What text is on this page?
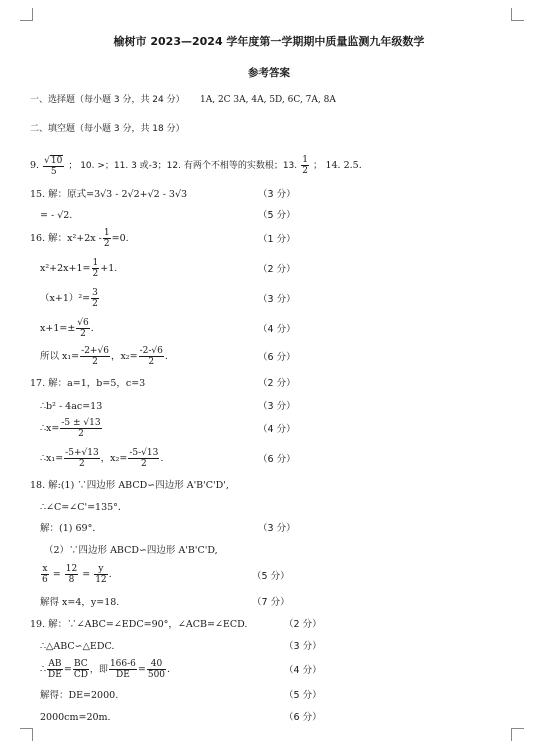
榆树市 2023—2024 学年度第一学期期中质量监测九年级数学
参考答案
一、选择题（每小题 3 分，共 24 分） 1A, 2C 3A, 4A, 5D, 6C, 7A, 8A
二、填空题（每小题 3 分，共 18 分）
9. $\frac{√10}{5}$ ； 10. >；11. 3 或-3；12. 有两个不相等的实数根；13. $\frac{1}{2}$ ； 14. 2.5.
15. 解：原式=3√3 - 2√2+√2 - 3√3	（3 分）
= - √2.	（5 分）
16. 解：$x^2+2x - \frac{1}{2} =0$.	（1 分）
$x^2+2x+1= \frac{1}{2} +1$.	（2 分）
$(x+1)^2= \frac{3}{2}$	（3 分）
$x+1=\pm \frac{√6}{2}$ .	（4 分）
所以 $x_1= \frac{-2+√6}{2}$ ，$x_2= \frac{-2-√6}{2}$ .	（6 分）
17. 解：a=1，b=5，c=3	（2 分）
∴b² - 4ac=13	（3 分）
∴x= $\frac{-5 \pm √13}{2}$	（4 分）
∴x₁= $\frac{-5+√13}{2}$ ，$x_2= \frac{-5-√13}{2}$ .	（6 分）
18. 解:(1) ∵四边形 ABCD∽四边形 A'B'C'D',
∴∠C=∠C'=135°．
解：(1) 69°．	（3 分）
（2）∵四边形 ABCD∽四边形 A'B'C'D,
$\frac{x}{6} = \frac{12}{8} = \frac{y}{12}$ .	（5 分）
解得 x=4，y=18.	（7 分）
19. 解：∵∠ABC=∠EDC=90°，∠ACB=∠ECD.	（2 分）
∴△ABC∽△EDC.	（3 分）
∴ $\frac{AB}{DE} = \frac{BC}{CD}$ ，即 $\frac{166-6}{DE} = \frac{40}{500}$ .	（4 分）
解得：DE=2000.	（5 分）
2000cm=20m.	（6 分）
